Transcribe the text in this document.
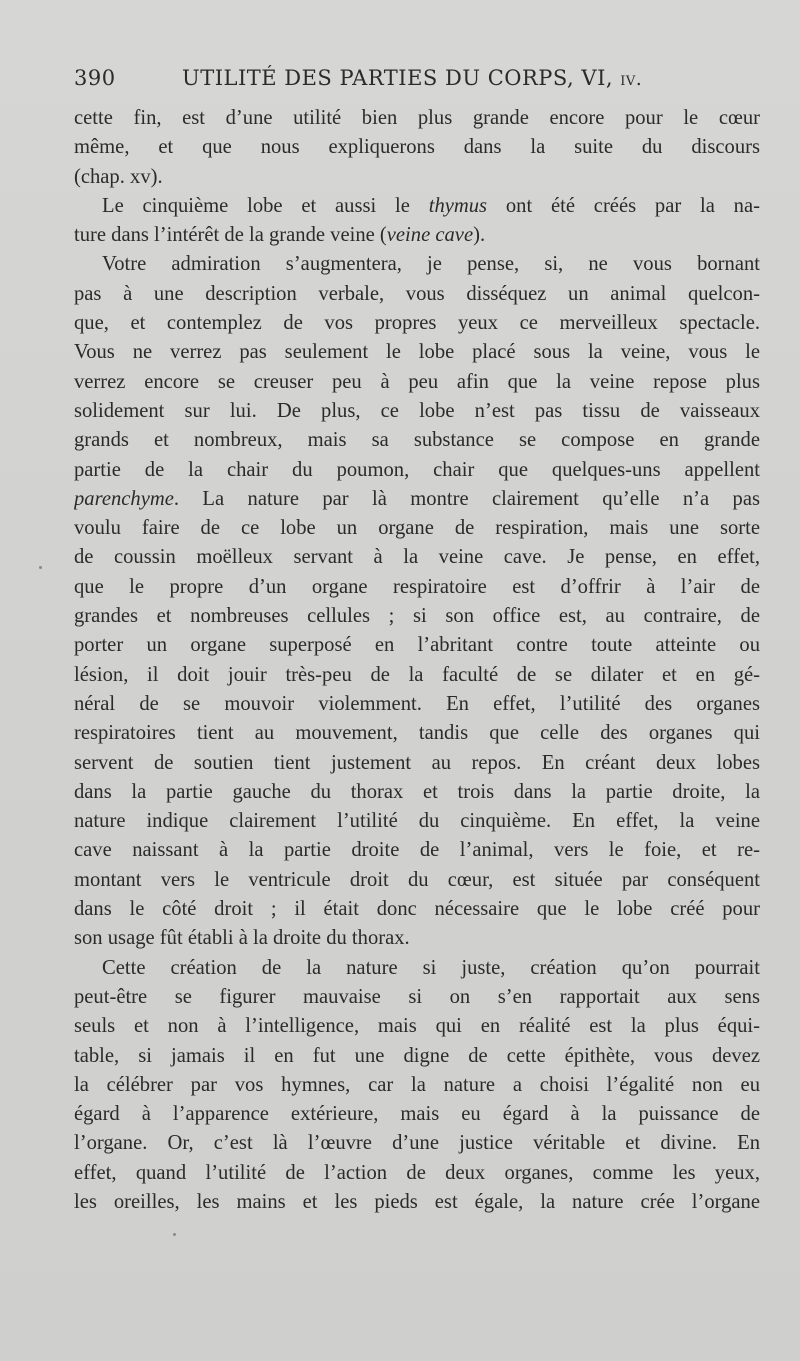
390	UTILITÉ DES PARTIES DU CORPS, VI, iv.
cette fin, est d’une utilité bien plus grande encore pour le cœur
même, et que nous expliquerons dans la suite du discours
(chap. xv).
Le cinquième lobe et aussi le thymus ont été créés par la na-
ture dans l’intérêt de la grande veine (veine cave).
Votre admiration s’augmentera, je pense, si, ne vous bornant
pas à une description verbale, vous disséquez un animal quelcon-
que, et contemplez de vos propres yeux ce merveilleux spectacle.
Vous ne verrez pas seulement le lobe placé sous la veine, vous le
verrez encore se creuser peu à peu afin que la veine repose plus
solidement sur lui. De plus, ce lobe n’est pas tissu de vaisseaux
grands et nombreux, mais sa substance se compose en grande
partie de la chair du poumon, chair que quelques-uns appellent
parenchyme. La nature par là montre clairement qu’elle n’a pas
voulu faire de ce lobe un organe de respiration, mais une sorte
de coussin moëlleux servant à la veine cave. Je pense, en effet,
que le propre d’un organe respiratoire est d’offrir à l’air de
grandes et nombreuses cellules ; si son office est, au contraire, de
porter un organe superposé en l’abritant contre toute atteinte ou
lésion, il doit jouir très-peu de la faculté de se dilater et en gé-
néral de se mouvoir violemment. En effet, l’utilité des organes
respiratoires tient au mouvement, tandis que celle des organes qui
servent de soutien tient justement au repos. En créant deux lobes
dans la partie gauche du thorax et trois dans la partie droite, la
nature indique clairement l’utilité du cinquième. En effet, la veine
cave naissant à la partie droite de l’animal, vers le foie, et re-
montant vers le ventricule droit du cœur, est située par conséquent
dans le côté droit ; il était donc nécessaire que le lobe créé pour
son usage fût établi à la droite du thorax.
Cette création de la nature si juste, création qu’on pourrait
peut-être se figurer mauvaise si on s’en rapportait aux sens
seuls et non à l’intelligence, mais qui en réalité est la plus équi-
table, si jamais il en fut une digne de cette épithète, vous devez
la célébrer par vos hymnes, car la nature a choisi l’égalité non eu
égard à l’apparence extérieure, mais eu égard à la puissance de
l’organe. Or, c’est là l’œuvre d’une justice véritable et divine. En
effet, quand l’utilité de l’action de deux organes, comme les yeux,
les oreilles, les mains et les pieds est égale, la nature crée l’organe
